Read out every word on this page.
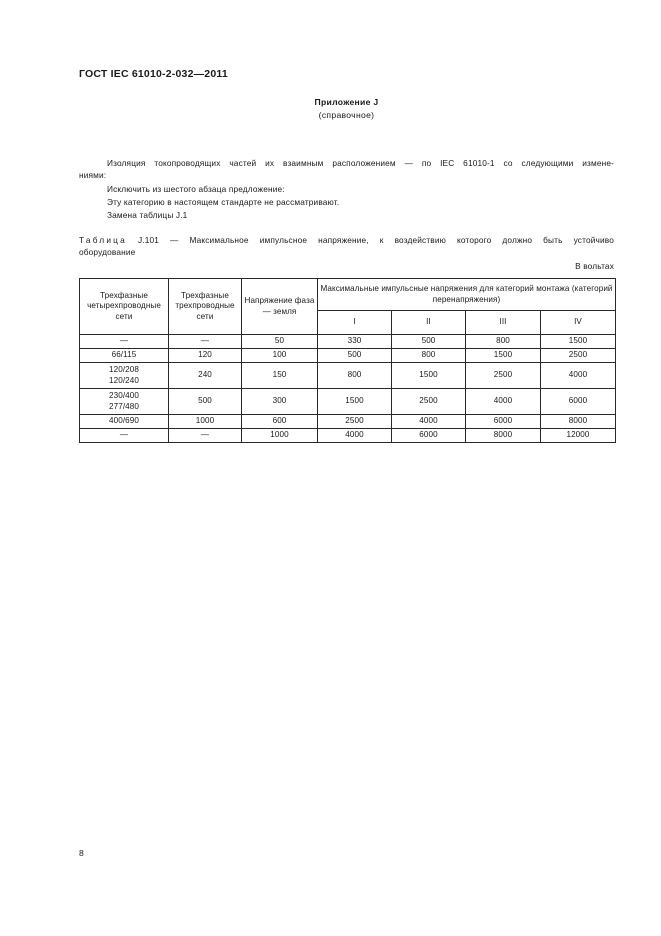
ГОСТ IEC 61010-2-032—2011
Приложение J
(справочное)
Изоляция токопроводящих частей их взаимным расположением — по IEC 61010-1 со следующими измене-
ниями:
Исключить из шестого абзаца предложение:
Эту категорию в настоящем стандарте не рассматривают.
Замена таблицы J.1
Таблица J.101 — Максимальное импульсное напряжение, к воздействию которого должно быть устойчиво
оборудование
В вольтах
Трехфазные четырехпроводные сети	Трехфазные трехпроводные сети	Напряжение фаза — земля	Максимальные импульсные напряжения для категорий монтажа (категорий перенапряжения)			
			I	II	III	IV
—	—	50	330	500	800	1500
66/115	120	100	500	800	1500	2500
120/208
120/240	240	150	800	1500	2500	4000
230/400
277/480	500	300	1500	2500	4000	6000
400/690	1000	600	2500	4000	6000	8000
—	—	1000	4000	6000	8000	12000
8
